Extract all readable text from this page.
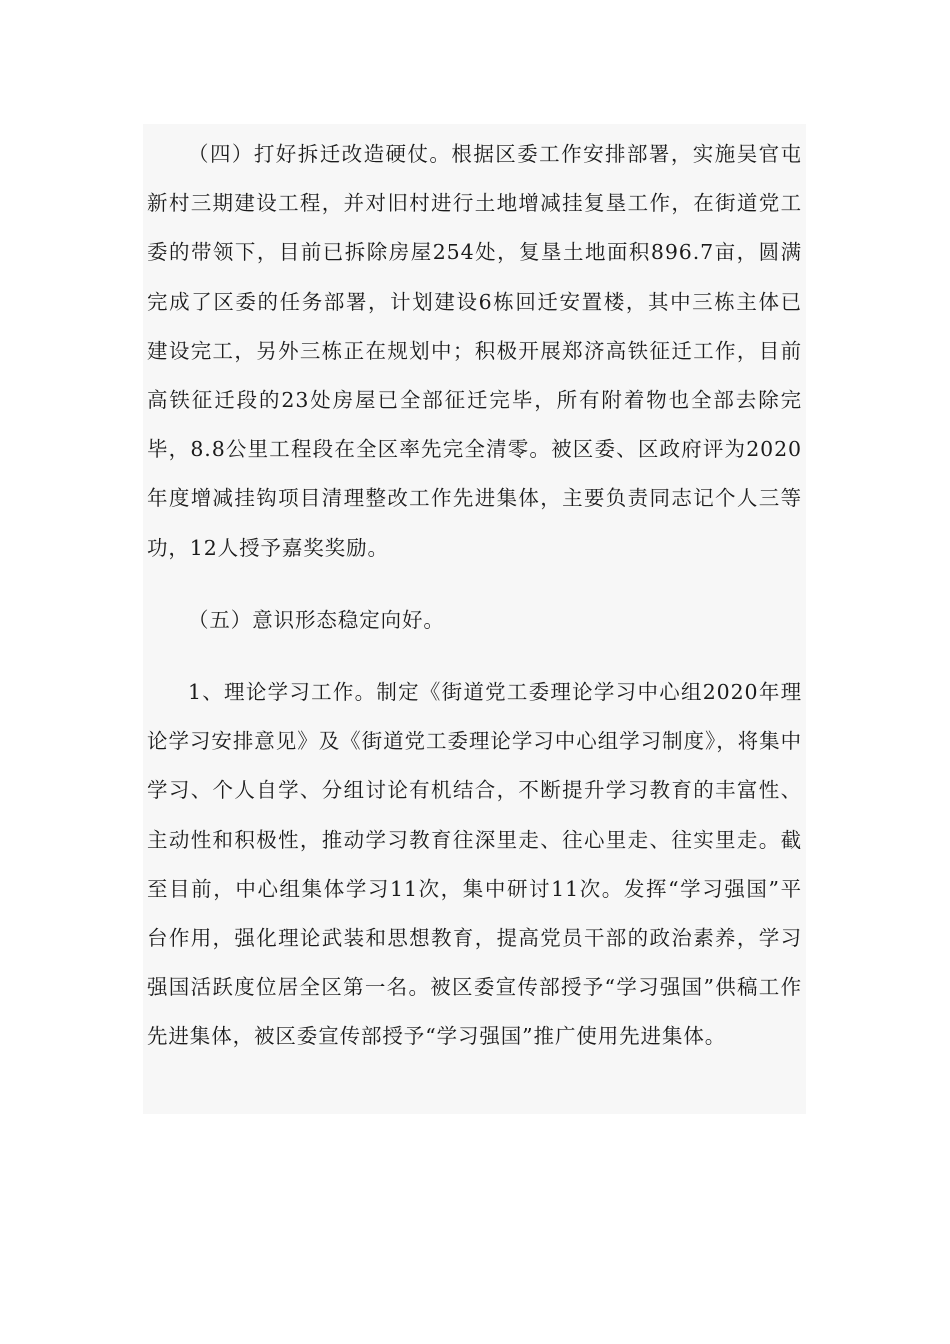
（四）打好拆迁改造硬仗。根据区委工作安排部署，实施吴官屯新村三期建设工程，并对旧村进行土地增减挂复垦工作，在街道党工委的带领下，目前已拆除房屋254处，复垦土地面积896.7亩，圆满完成了区委的任务部署，计划建设6栋回迁安置楼，其中三栋主体已建设完工，另外三栋正在规划中；积极开展郑济高铁征迁工作，目前高铁征迁段的23处房屋已全部征迁完毕，所有附着物也全部去除完毕，8.8公里工程段在全区率先完全清零。被区委、区政府评为2020年度增减挂钩项目清理整改工作先进集体，主要负责同志记个人三等功，12人授予嘉奖奖励。

（五）意识形态稳定向好。

1、理论学习工作。制定《街道党工委理论学习中心组2020年理论学习安排意见》及《街道党工委理论学习中心组学习制度》，将集中学习、个人自学、分组讨论有机结合，不断提升学习教育的丰富性、主动性和积极性，推动学习教育往深里走、往心里走、往实里走。截至目前，中心组集体学习11次，集中研讨11次。发挥“学习强国”平台作用，强化理论武装和思想教育，提高党员干部的政治素养，学习强国活跃度位居全区第一名。被区委宣传部授予“学习强国”供稿工作先进集体，被区委宣传部授予“学习强国”推广使用先进集体。
